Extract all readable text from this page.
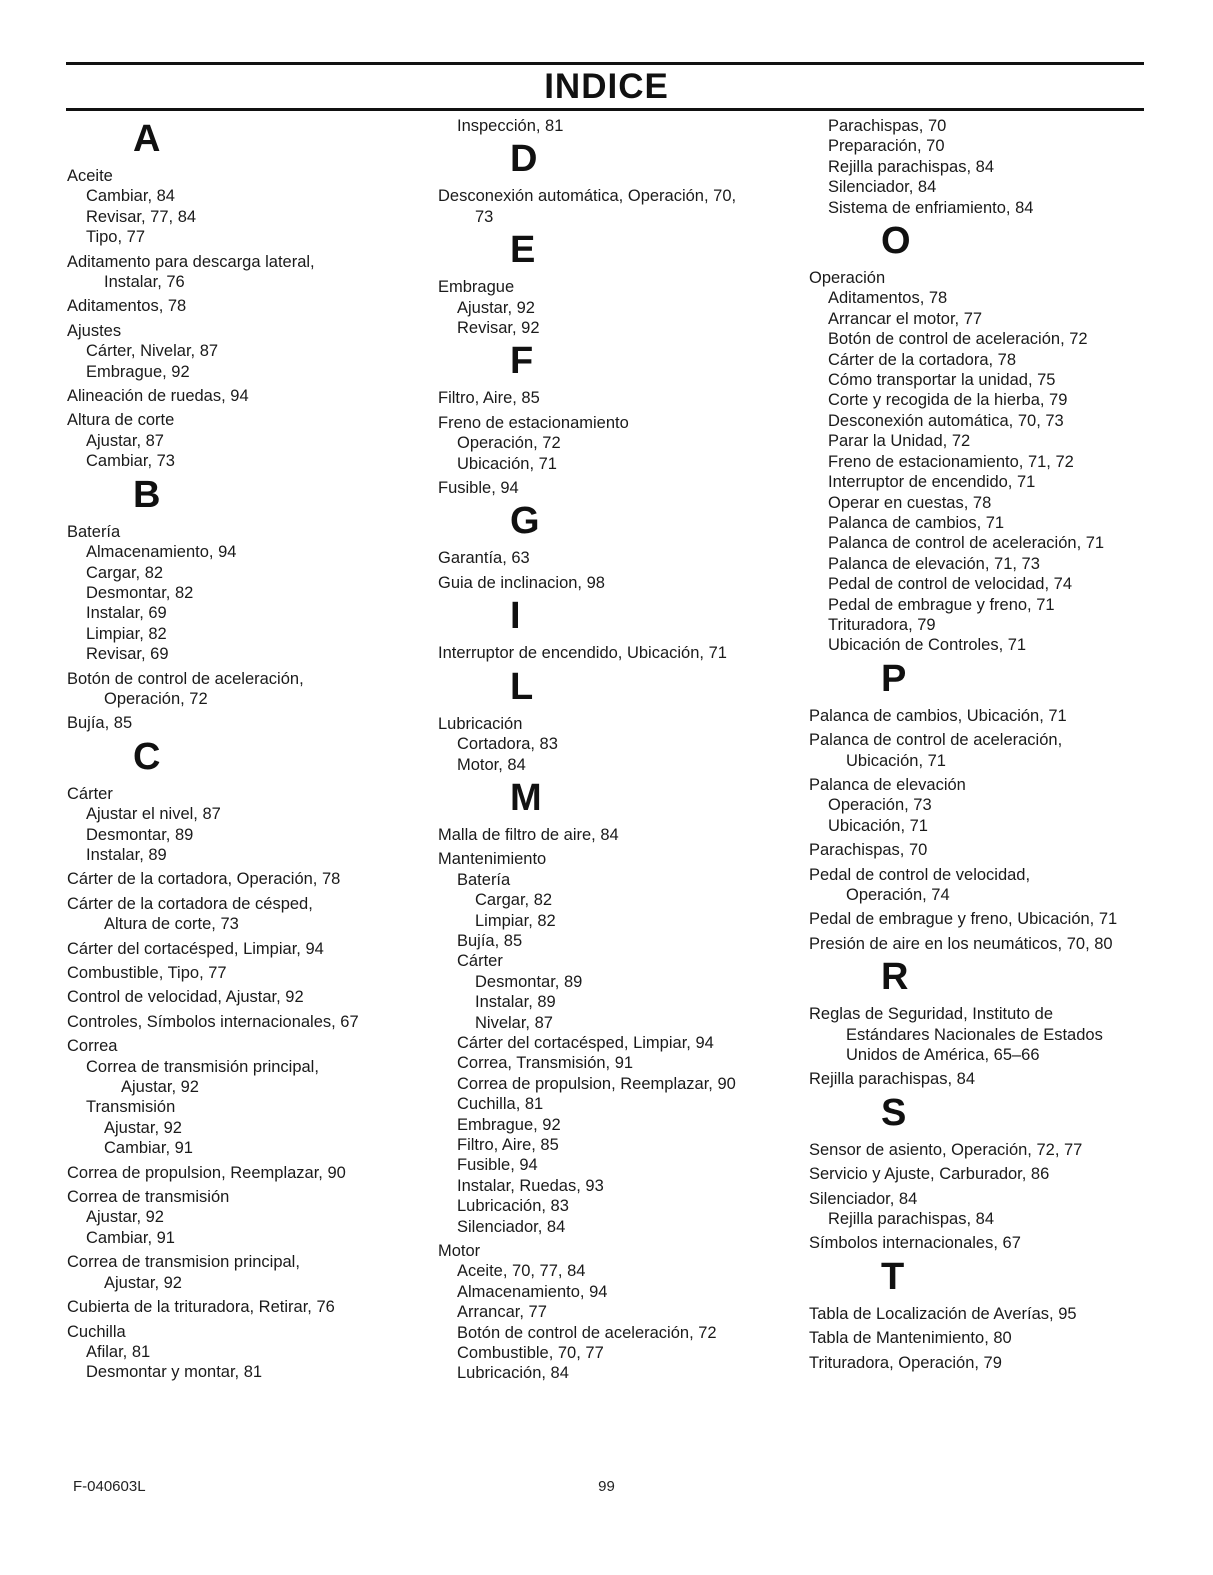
INDICE
A
Aceite
Cambiar, 84
Revisar, 77, 84
Tipo, 77
Aditamento para descarga lateral,
Instalar, 76
Aditamentos, 78
Ajustes
Cárter, Nivelar, 87
Embrague, 92
Alineación de ruedas, 94
Altura de corte
Ajustar, 87
Cambiar, 73
B
Batería
Almacenamiento, 94
Cargar, 82
Desmontar, 82
Instalar, 69
Limpiar, 82
Revisar, 69
Botón de control de aceleración,
Operación, 72
Bujía, 85
C
Cárter
Ajustar el nivel, 87
Desmontar, 89
Instalar, 89
Cárter de la cortadora, Operación, 78
Cárter de la cortadora de césped,
Altura de corte, 73
Cárter del cortacésped, Limpiar, 94
Combustible, Tipo, 77
Control de velocidad, Ajustar, 92
Controles, Símbolos internacionales, 67
Correa
Correa de transmisión principal,
Ajustar, 92
Transmisión
Ajustar, 92
Cambiar, 91
Correa de propulsion, Reemplazar, 90
Correa de transmisión
Ajustar, 92
Cambiar, 91
Correa de transmision principal,
Ajustar, 92
Cubierta de la trituradora, Retirar, 76
Cuchilla
Afilar, 81
Desmontar y montar, 81
Inspección, 81
D
Desconexión automática, Operación, 70,
73
E
Embrague
Ajustar, 92
Revisar, 92
F
Filtro, Aire, 85
Freno de estacionamiento
Operación, 72
Ubicación, 71
Fusible, 94
G
Garantía, 63
Guia de inclinacion, 98
I
Interruptor de encendido, Ubicación, 71
L
Lubricación
Cortadora, 83
Motor, 84
M
Malla de filtro de aire, 84
Mantenimiento
Batería
Cargar, 82
Limpiar, 82
Bujía, 85
Cárter
Desmontar, 89
Instalar, 89
Nivelar, 87
Cárter del cortacésped, Limpiar, 94
Correa, Transmisión, 91
Correa de propulsion, Reemplazar, 90
Cuchilla, 81
Embrague, 92
Filtro, Aire, 85
Fusible, 94
Instalar, Ruedas, 93
Lubricación, 83
Silenciador, 84
Motor
Aceite, 70, 77, 84
Almacenamiento, 94
Arrancar, 77
Botón de control de aceleración, 72
Combustible, 70, 77
Lubricación, 84
Parachispas, 70
Preparación, 70
Rejilla parachispas, 84
Silenciador, 84
Sistema de enfriamiento, 84
O
Operación
Aditamentos, 78
Arrancar el motor, 77
Botón de control de aceleración, 72
Cárter de la cortadora, 78
Cómo transportar la unidad, 75
Corte y recogida de la hierba, 79
Desconexión automática, 70, 73
Parar la Unidad, 72
Freno de estacionamiento, 71, 72
Interruptor de encendido, 71
Operar en cuestas, 78
Palanca de cambios, 71
Palanca de control de aceleración, 71
Palanca de elevación, 71, 73
Pedal de control de velocidad, 74
Pedal de embrague y freno, 71
Trituradora, 79
Ubicación de Controles, 71
P
Palanca de cambios, Ubicación, 71
Palanca de control de aceleración,
Ubicación, 71
Palanca de elevación
Operación, 73
Ubicación, 71
Parachispas, 70
Pedal de control de velocidad,
Operación, 74
Pedal de embrague y freno, Ubicación, 71
Presión de aire en los neumáticos, 70, 80
R
Reglas de Seguridad, Instituto de
Estándares Nacionales de Estados
Unidos de América, 65–66
Rejilla parachispas, 84
S
Sensor de asiento, Operación, 72, 77
Servicio y Ajuste, Carburador, 86
Silenciador, 84
Rejilla parachispas, 84
Símbolos internacionales, 67
T
Tabla de Localización de Averías, 95
Tabla de Mantenimiento, 80
Trituradora, Operación, 79
F-040603L	99
